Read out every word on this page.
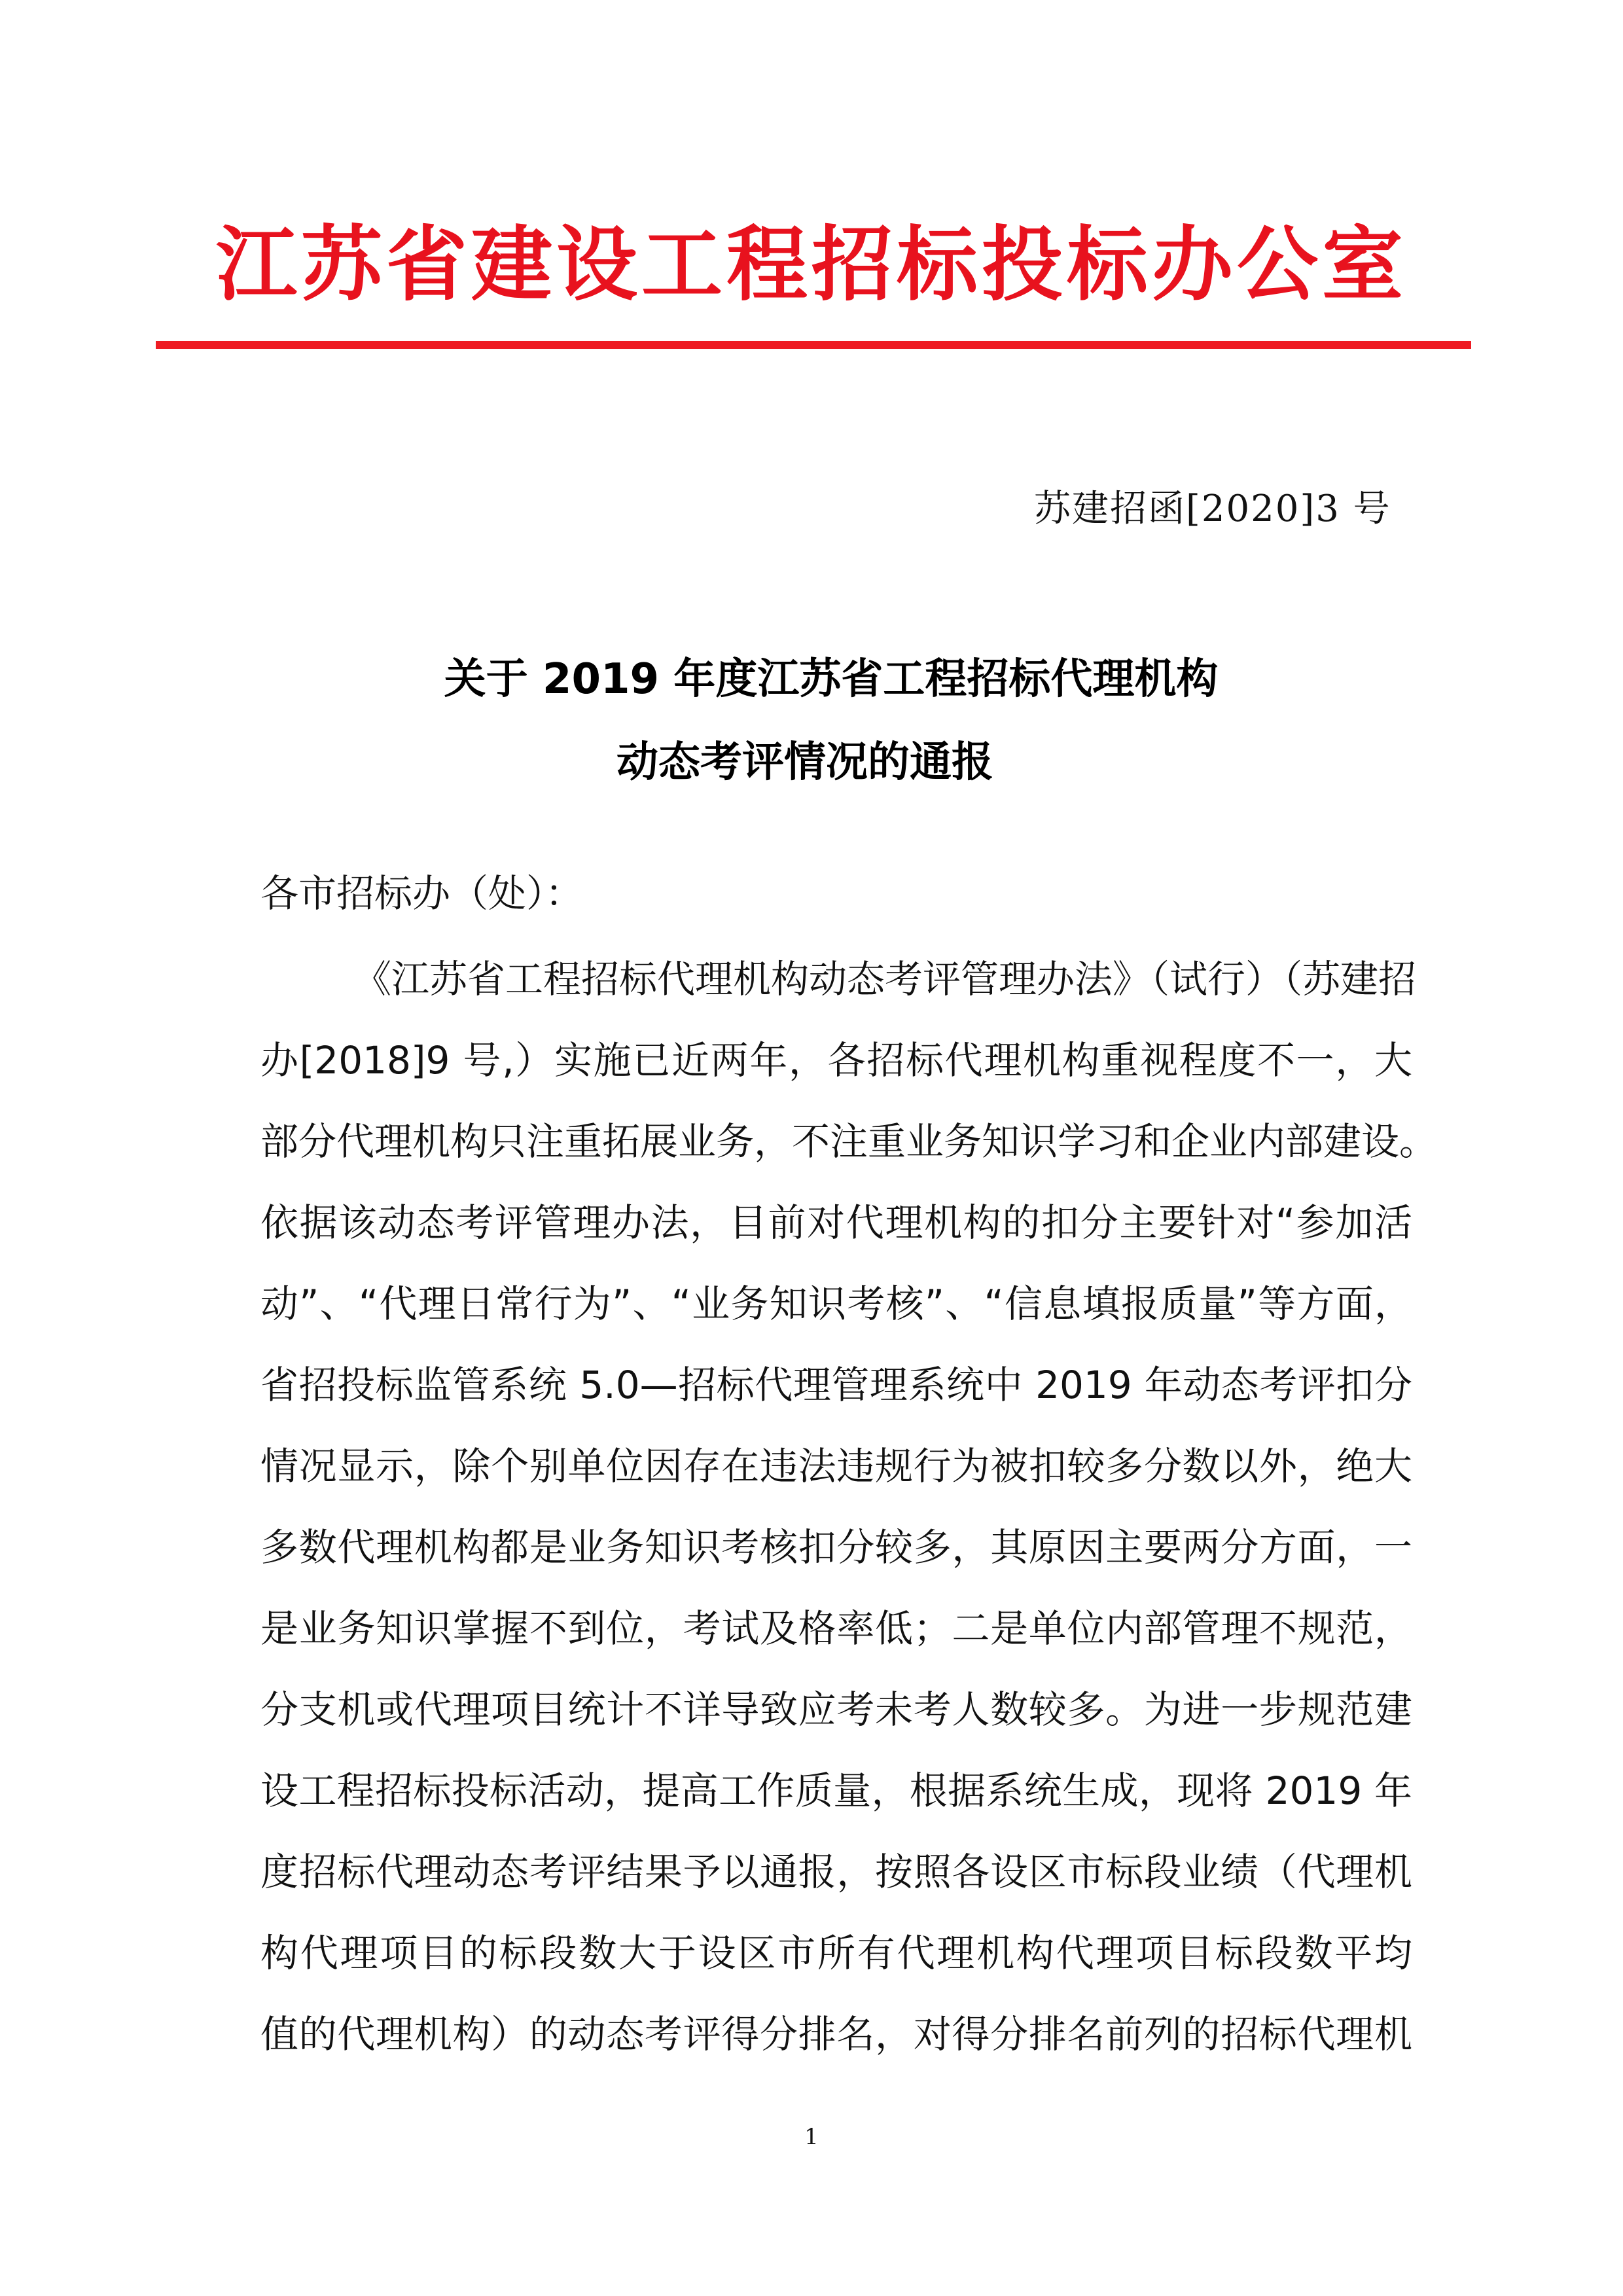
江苏省建设工程招标投标办公室
苏建招函[2020]3 号
关于 2019 年度江苏省工程招标代理机构
动态考评情况的通报
各市招标办（处）：
《江苏省工程招标代理机构动态考评管理办法》（试行）（苏建招
办[2018]9 号,）实施已近两年，各招标代理机构重视程度不一，大
部分代理机构只注重拓展业务，不注重业务知识学习和企业内部建设。
依据该动态考评管理办法，目前对代理机构的扣分主要针对“参加活
动”、“代理日常行为”、“业务知识考核”、“信息填报质量”等方面，
省招投标监管系统 5.0—招标代理管理系统中 2019 年动态考评扣分
情况显示，除个别单位因存在违法违规行为被扣较多分数以外，绝大
多数代理机构都是业务知识考核扣分较多，其原因主要两分方面，一
是业务知识掌握不到位，考试及格率低；二是单位内部管理不规范，
分支机或代理项目统计不详导致应考未考人数较多。为进一步规范建
设工程招标投标活动，提高工作质量，根据系统生成，现将 2019 年
度招标代理动态考评结果予以通报，按照各设区市标段业绩（代理机
构代理项目的标段数大于设区市所有代理机构代理项目标段数平均
值的代理机构）的动态考评得分排名，对得分排名前列的招标代理机
1
